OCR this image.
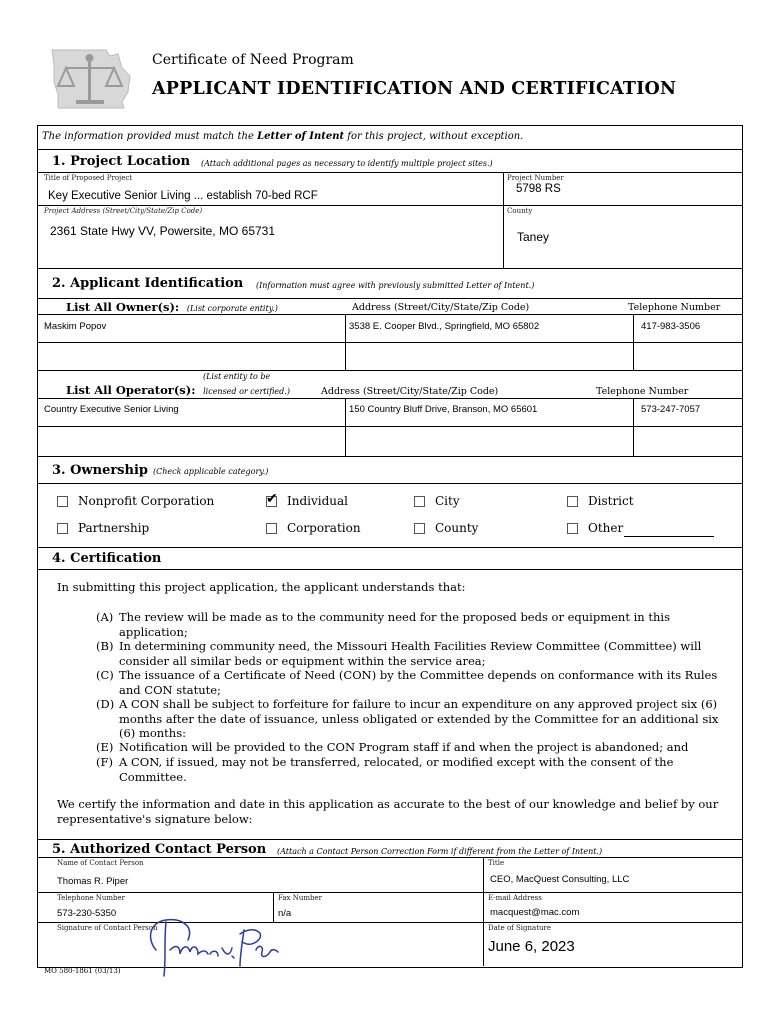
Certificate of Need Program
APPLICANT IDENTIFICATION AND CERTIFICATION
The information provided must match the Letter of Intent for this project, without exception.
1. Project Location (Attach additional pages as necessary to identify multiple project sites.)
Title of Proposed Project
Key Executive Senior Living ... establish 70-bed RCF
Project Number
5798 RS
Project Address (Street/City/State/Zip Code)
2361 State Hwy VV, Powersite, MO 65731
County
Taney
2. Applicant Identification (Information must agree with previously submitted Letter of Intent.)
List All Owner(s): (List corporate entity.)	Address (Street/City/State/Zip Code)	Telephone Number
Maskim Popov	3538 E. Cooper Blvd., Springfield, MO 65802	417-983-3506
(List entity to be
List All Operator(s): licensed or certified.)	Address (Street/City/State/Zip Code)	Telephone Number
Country Executive Senior Living	150 Country Bluff Drive, Branson, MO 65601	573-247-7057
3. Ownership (Check applicable category.)
Nonprofit Corporation	✔ Individual	City	District
Partnership	Corporation	County	Other
4. Certification
In submitting this project application, the applicant understands that:
(A) The review will be made as to the community need for the proposed beds or equipment in this application;
(B) In determining community need, the Missouri Health Facilities Review Committee (Committee) will consider all similar beds or equipment within the service area;
(C) The issuance of a Certificate of Need (CON) by the Committee depends on conformance with its Rules and CON statute;
(D) A CON shall be subject to forfeiture for failure to incur an expenditure on any approved project six (6) months after the date of issuance, unless obligated or extended by the Committee for an additional six (6) months:
(E) Notification will be provided to the CON Program staff if and when the project is abandoned; and
(F) A CON, if issued, may not be transferred, relocated, or modified except with the consent of the Committee.
We certify the information and date in this application as accurate to the best of our knowledge and belief by our representative's signature below:
5. Authorized Contact Person (Attach a Contact Person Correction Form if different from the Letter of Intent.)
Name of Contact Person
Thomas R. Piper
Title
CEO, MacQuest Consulting, LLC
Telephone Number
573-230-5350
Fax Number
n/a
E-mail Address
macquest@mac.com
Signature of Contact Person	Date of Signature
June 6, 2023
MO 580-1861 (03/13)
